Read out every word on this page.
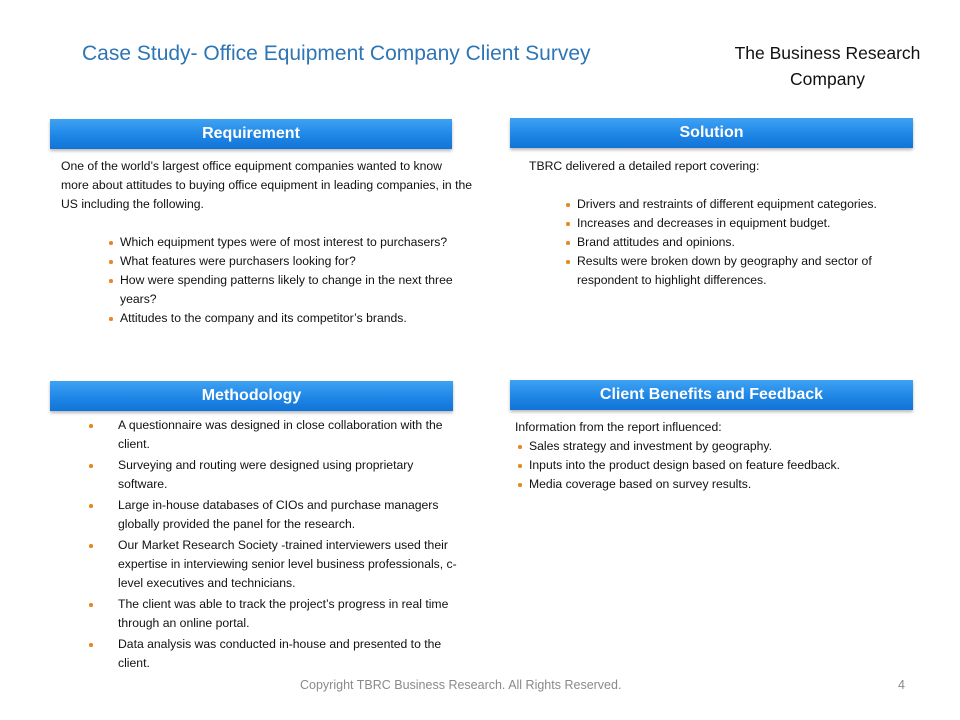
Case Study- Office Equipment Company Client Survey	The Business Research Company
Requirement

One of the world’s largest office equipment companies wanted to know more about attitudes to buying office equipment in leading companies, in the US including the following.

Which equipment types were of most interest to purchasers?
What features were purchasers looking for?
How were spending patterns likely to change in the next three years?
Attitudes to the company and its competitor’s brands.
Solution

TBRC delivered a detailed report covering:

Drivers and restraints of different equipment categories.
Increases and decreases in equipment budget.
Brand attitudes and opinions.
Results were broken down by geography and sector of respondent to highlight differences.
Methodology
A questionnaire was designed in close collaboration with the client.
Surveying and routing were designed using proprietary software.
Large in-house databases of CIOs and purchase managers globally provided the panel for the research.
Our Market Research Society -trained interviewers used their expertise in interviewing senior level business professionals, c-level executives and technicians.
The client was able to track the project’s progress in real time through an online portal.
Data analysis was conducted in-house and presented to the client.
Client Benefits and Feedback

Information from the report influenced:

Sales strategy and investment by geography.
Inputs into the product design based on feature feedback.
Media coverage based on survey results.
Copyright TBRC Business Research. All Rights Reserved.	4
